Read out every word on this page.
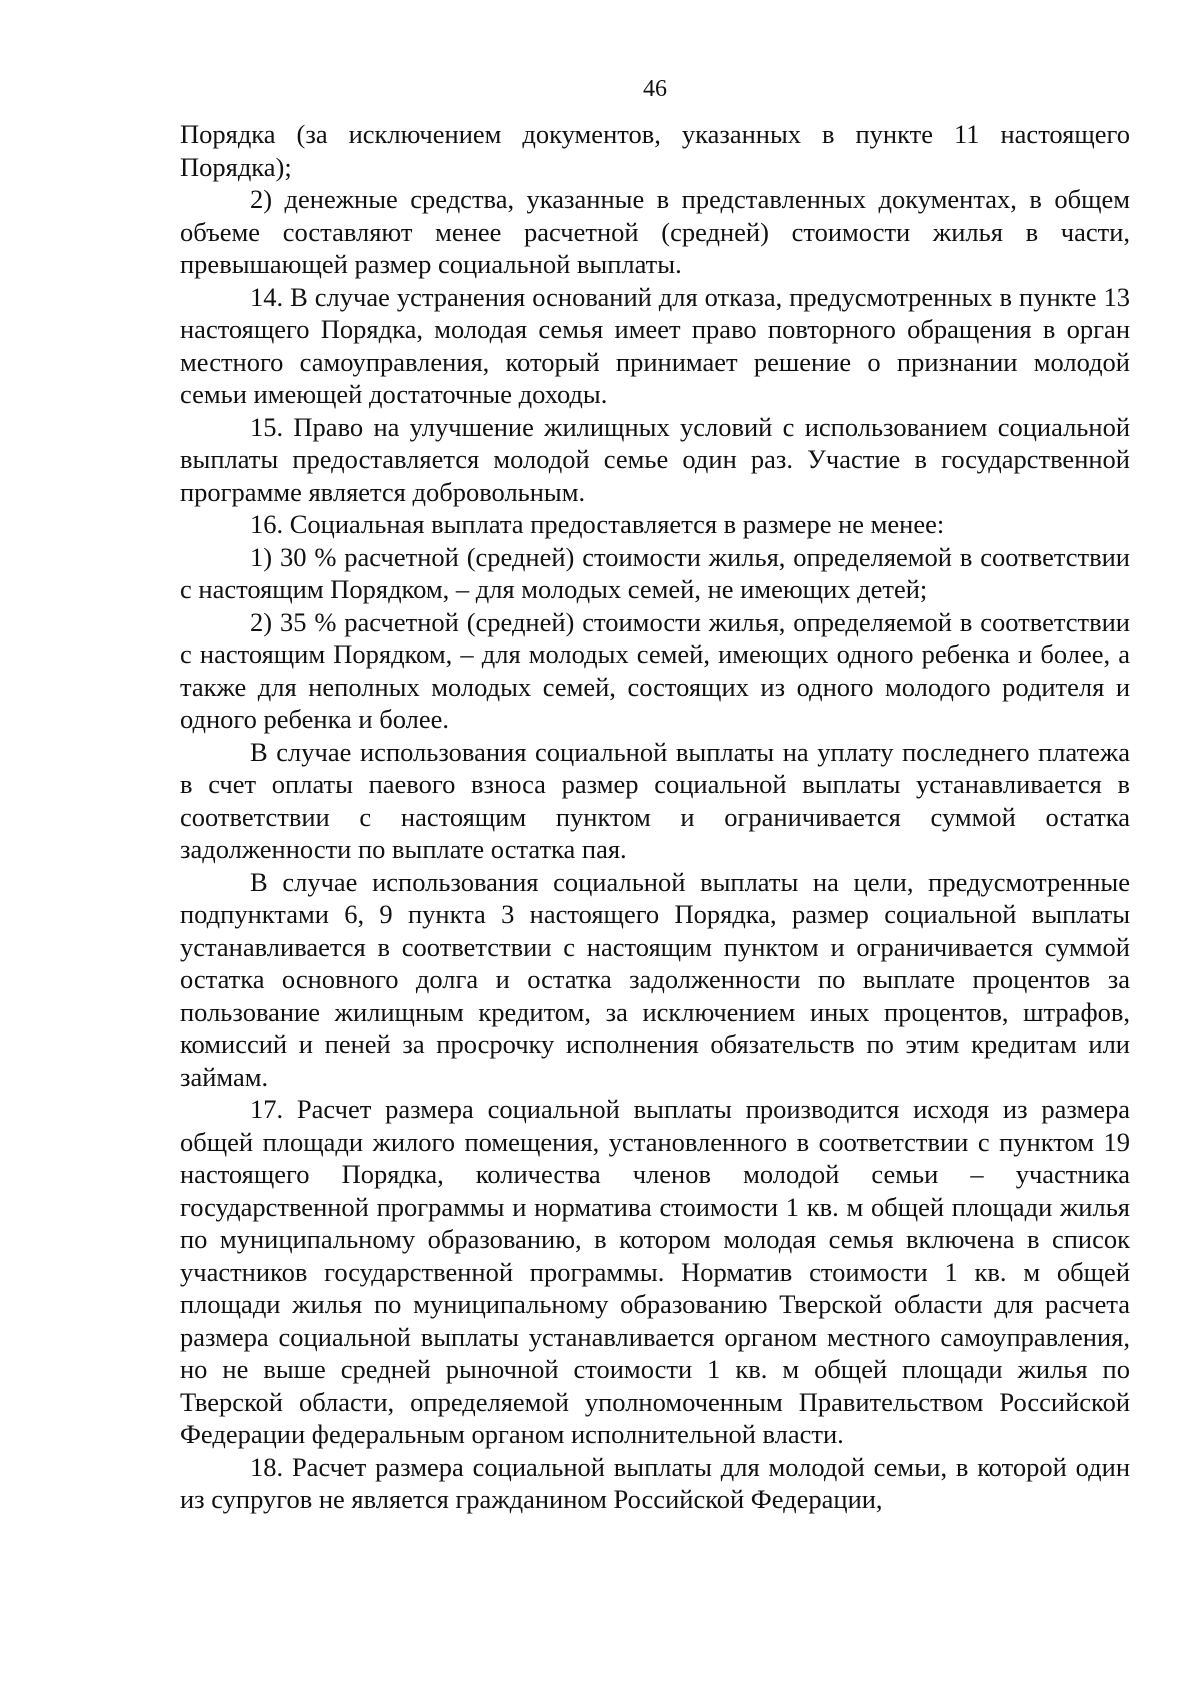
46

Порядка (за исключением документов, указанных в пункте 11 настоящего Порядка);

2) денежные средства, указанные в представленных документах, в общем объеме составляют менее расчетной (средней) стоимости жилья в части, превышающей размер социальной выплаты.

14. В случае устранения оснований для отказа, предусмотренных в пункте 13 настоящего Порядка, молодая семья имеет право повторного обращения в орган местного самоуправления, который принимает решение о признании молодой семьи имеющей достаточные доходы.

15. Право на улучшение жилищных условий с использованием социальной выплаты предоставляется молодой семье один раз. Участие в государственной программе является добровольным.

16. Социальная выплата предоставляется в размере не менее:

1) 30 % расчетной (средней) стоимости жилья, определяемой в соответствии с настоящим Порядком, – для молодых семей, не имеющих детей;

2) 35 % расчетной (средней) стоимости жилья, определяемой в соответствии с настоящим Порядком, – для молодых семей, имеющих одного ребенка и более, а также для неполных молодых семей, состоящих из одного молодого родителя и одного ребенка и более.

В случае использования социальной выплаты на уплату последнего платежа в счет оплаты паевого взноса размер социальной выплаты устанавливается в соответствии с настоящим пунктом и ограничивается суммой остатка задолженности по выплате остатка пая.

В случае использования социальной выплаты на цели, предусмотренные подпунктами 6, 9 пункта 3 настоящего Порядка, размер социальной выплаты устанавливается в соответствии с настоящим пунктом и ограничивается суммой остатка основного долга и остатка задолженности по выплате процентов за пользование жилищным кредитом, за исключением иных процентов, штрафов, комиссий и пеней за просрочку исполнения обязательств по этим кредитам или займам.

17. Расчет размера социальной выплаты производится исходя из размера общей площади жилого помещения, установленного в соответствии с пунктом 19 настоящего Порядка, количества членов молодой семьи – участника государственной программы и норматива стоимости 1 кв. м общей площади жилья по муниципальному образованию, в котором молодая семья включена в список участников государственной программы. Норматив стоимости 1 кв. м общей площади жилья по муниципальному образованию Тверской области для расчета размера социальной выплаты устанавливается органом местного самоуправления, но не выше средней рыночной стоимости 1 кв. м общей площади жилья по Тверской области, определяемой уполномоченным Правительством Российской Федерации федеральным органом исполнительной власти.

18. Расчет размера социальной выплаты для молодой семьи, в которой один из супругов не является гражданином Российской Федерации,
